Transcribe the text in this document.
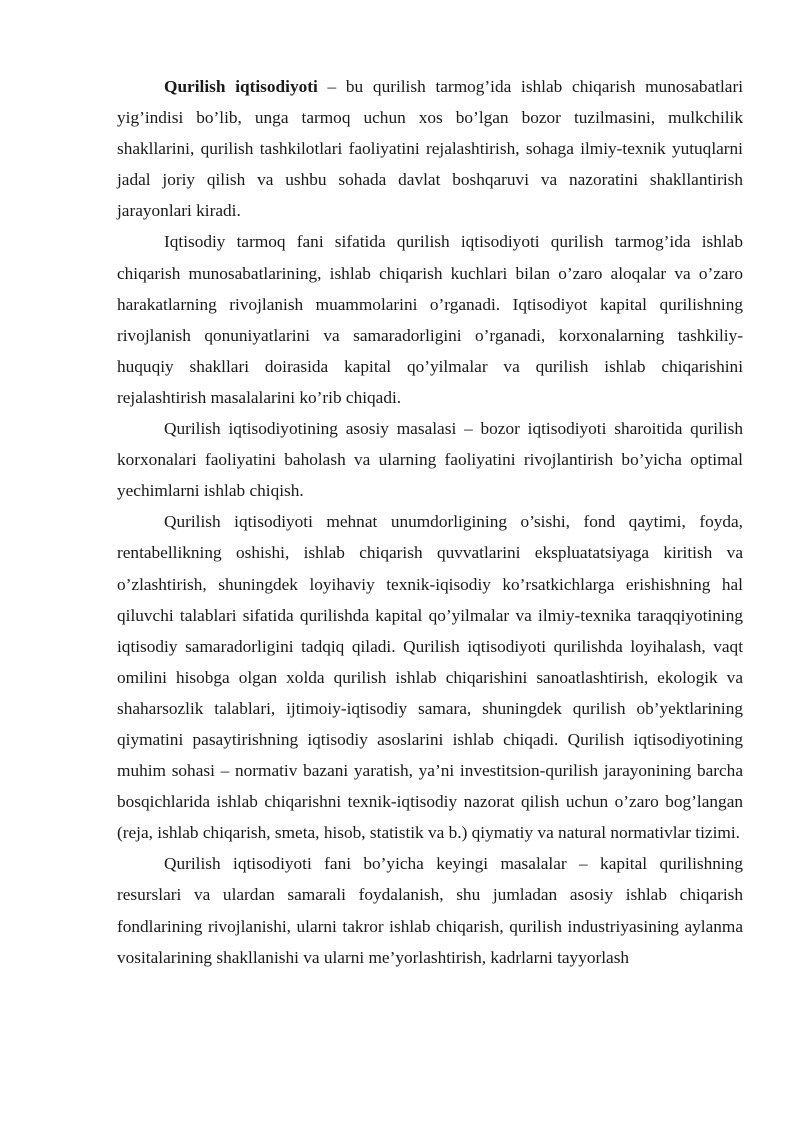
Qurilish iqtisodiyoti – bu qurilish tarmog’ida ishlab chiqarish munosabatlari yig’indisi bo’lib, unga tarmoq uchun xos bo’lgan bozor tuzilmasini, mulkchilik shakllarini, qurilish tashkilotlari faoliyatini rejalashtirish, sohaga ilmiy-texnik yutuqlarni jadal joriy qilish va ushbu sohada davlat boshqaruvi va nazoratini shakllantirish jarayonlari kiradi.

Iqtisodiy tarmoq fani sifatida qurilish iqtisodiyoti qurilish tarmog’ida ishlab chiqarish munosabatlarining, ishlab chiqarish kuchlari bilan o’zaro aloqalar va o’zaro harakatlarning rivojlanish muammolarini o’rganadi. Iqtisodiyot kapital qurilishning rivojlanish qonuniyatlarini va samaradorligini o’rganadi, korxonalarning tashkiliy-huquqiy shakllari doirasida kapital qo’yilmalar va qurilish ishlab chiqarishini rejalashtirish masalalarini ko’rib chiqadi.

Qurilish iqtisodiyotining asosiy masalasi – bozor iqtisodiyoti sharoitida qurilish korxonalari faoliyatini baholash va ularning faoliyatini rivojlantirish bo’yicha optimal yechimlarni ishlab chiqish.

Qurilish iqtisodiyoti mehnat unumdorligining o’sishi, fond qaytimi, foyda, rentabellikning oshishi, ishlab chiqarish quvvatlarini ekspluatatsiyaga kiritish va o’zlashtirish, shuningdek loyihaviy texnik-iqisodiy ko’rsatkichlarga erishishning hal qiluvchi talablari sifatida qurilishda kapital qo’yilmalar va ilmiy-texnika taraqqiyotining iqtisodiy samaradorligini tadqiq qiladi. Qurilish iqtisodiyoti qurilishda loyihalash, vaqt omilini hisobga olgan xolda qurilish ishlab chiqarishini sanoatlashtirish, ekologik va shaharsozlik talablari, ijtimoiy-iqtisodiy samara, shuningdek qurilish ob’yektlarining qiymatini pasaytirishning iqtisodiy asoslarini ishlab chiqadi. Qurilish iqtisodiyotining muhim sohasi – normativ bazani yaratish, ya’ni investitsion-qurilish jarayonining barcha bosqichlarida ishlab chiqarishni texnik-iqtisodiy nazorat qilish uchun o’zaro bog’langan (reja, ishlab chiqarish, smeta, hisob, statistik va b.) qiymatiy va natural normativlar tizimi.

Qurilish iqtisodiyoti fani bo’yicha keyingi masalalar – kapital qurilishning resurslari va ulardan samarali foydalanish, shu jumladan asosiy ishlab chiqarish fondlarining rivojlanishi, ularni takror ishlab chiqarish, qurilish industriyasining aylanma vositalarining shakllanishi va ularni me’yorlashtirish, kadrlarni tayyorlash
